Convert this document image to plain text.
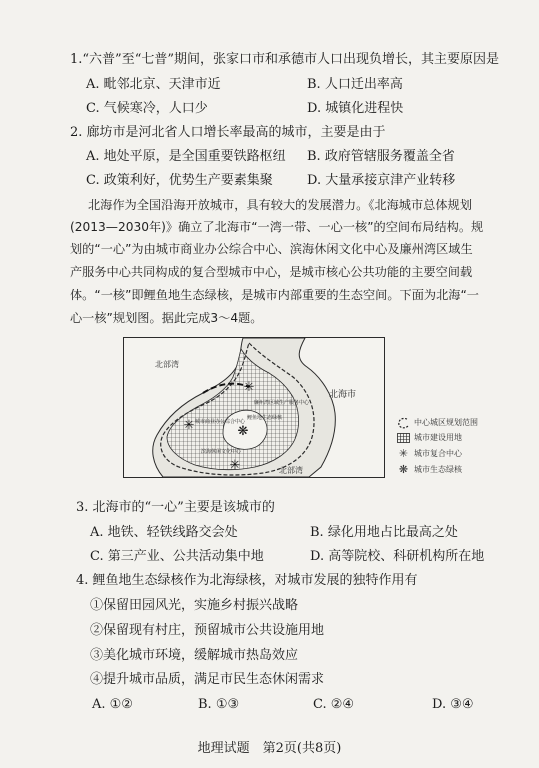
1.“六普”至“七普”期间，张家口市和承德市人口出现负增长，其主要原因是
A. 毗邻北京、天津市近	B. 人口迁出率高
C. 气候寒冷，人口少	D. 城镇化进程快
2. 廊坊市是河北省人口增长率最高的城市，主要是由于
A. 地处平原，是全国重要铁路枢纽 B. 政府管辖服务覆盖全省
C. 政策利好，优势生产要素集聚	D. 大量承接京津产业转移
北海作为全国沿海开放城市，具有较大的发展潜力。《北海城市总体规划
(2013—2030年)》确立了北海市“一湾一带、一心一核”的空间布局结构。规
划的“一心”为由城市商业办公综合中心、滨海休闲文化中心及廉州湾区域生
产服务中心共同构成的复合型城市中心，是城市核心公共功能的主要空间载
体。“一核”即鲤鱼地生态绿核，是城市内部重要的生态空间。下面为北海“一
心一核”规划图。据此完成3～4题。
✳
✳
✳
❋
北部湾
北海市
北部湾
廉州湾区域生产服务中心
城市商业办公综合中心
鲤鱼地生态绿核
滨海休闲文化中心
中心城区规划范围
城市建设用地
✳ 城市复合中心
❋ 城市生态绿核
3. 北海市的“一心”主要是该城市的
A. 地铁、轻铁线路交会处	B. 绿化用地占比最高之处
C. 第三产业、公共活动集中地	D. 高等院校、科研机构所在地
4. 鲤鱼地生态绿核作为北海绿核，对城市发展的独特作用有
①保留田园风光，实施乡村振兴战略
②保留现有村庄，预留城市公共设施用地
③美化城市环境，缓解城市热岛效应
④提升城市品质，满足市民生态休闲需求
A. ①②	B. ①③	C. ②④	D. ③④
地理试题　第2页(共8页)
